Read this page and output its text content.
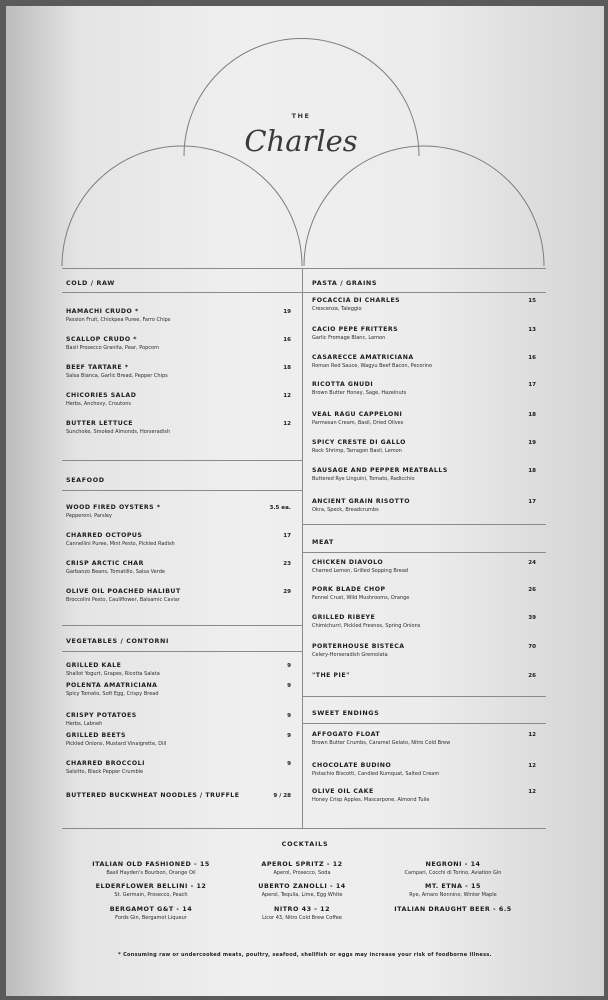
THE
Charles
COLD / RAW
HAMACHI CRUDO *
Passion Fruit, Chickpea Puree, Farro Chips
19
SCALLOP CRUDO *
Basil Prosecco Granita, Pear, Popcorn
16
BEEF TARTARE *
Salsa Bianca, Garlic Bread, Pepper Chips
18
CHICORIES SALAD
Herbs, Anchovy, Croutons
12
BUTTER LETTUCE
Sunchoke, Smoked Almonds, Horseradish
12
SEAFOOD
WOOD FIRED OYSTERS *
Pepperoni, Parsley
3.5 ea.
CHARRED OCTOPUS
Cannellini Puree, Mint Pesto, Pickled Radish
17
CRISP ARCTIC CHAR
Garbanzo Beans, Tomatillo, Salsa Verde
23
OLIVE OIL POACHED HALIBUT
Broccolini Pesto, Cauliflower, Balsamic Caviar
29
VEGETABLES / CONTORNI
GRILLED KALE
Shallot Yogurt, Grapes, Ricotta Salata
9
POLENTA AMATRICIANA
Spicy Tomato, Soft Egg, Crispy Bread
9
CRISPY POTATOES
Herbs, Labneh
9
GRILLED BEETS
Pickled Onions, Mustard Vinaigrette, Dill
9
CHARRED BROCCOLI
Salsitto, Black Pepper Crumble
9
BUTTERED BUCKWHEAT NOODLES / TRUFFLE	9 / 28
PASTA / GRAINS
FOCACCIA DI CHARLES
Crescenza, Taleggio
15
CACIO PEPE FRITTERS
Garlic Fromage Blanc, Lemon
13
CASARECCE AMATRICIANA
Roman Red Sauce, Wagyu Beef Bacon, Pecorino
16
RICOTTA GNUDI
Brown Butter Honey, Sage, Hazelnuts
17
VEAL RAGU CAPPELONI
Parmesan Cream, Basil, Dried Olives
18
SPICY CRESTE DI GALLO
Rock Shrimp, Tarragon Basil, Lemon
19
SAUSAGE AND PEPPER MEATBALLS
Buttered Rye Linguini, Tomato, Radicchio
18
ANCIENT GRAIN RISOTTO
Okra, Speck, Breadcrumbs
17
MEAT
CHICKEN DIAVOLO
Charred Lemon, Grilled Sopping Bread
24
PORK BLADE CHOP
Fennel Crust, Wild Mushrooms, Orange
26
GRILLED RIBEYE
Chimichurri, Pickled Fresnos, Spring Onions
39
PORTERHOUSE BISTECA
Celery-Horseradish Gremolata
70
"THE PIE"	26
SWEET ENDINGS
AFFOGATO FLOAT
Brown Butter Crumbs, Caramel Gelato, Nitro Cold Brew
12
CHOCOLATE BUDINO
Pistachio Biscotti, Candied Kumquat, Salted Cream
12
OLIVE OIL CAKE
Honey Crisp Apples, Mascarpone, Almond Tuile
12
COCKTAILS
ITALIAN OLD FASHIONED - 15
Basil Hayden's Bourbon, Orange Oil
ELDERFLOWER BELLINI - 12
St. Germain, Prosecco, Peach
BERGAMOT G&T - 14
Fords Gin, Bergamot Liqueur
APEROL SPRITZ - 12
Aperol, Prosecco, Soda
UBERTO ZANOLLI - 14
Aperol, Tequila, Lime, Egg White
NITRO 43 - 12
Licor 43, Nitro Cold Brew Coffee
NEGRONI - 14
Campari, Cocchi di Torino, Aviation Gin
MT. ETNA - 15
Rye, Amaro Nonnino, Winter Maple
ITALIAN DRAUGHT BEER - 6.5
* Consuming raw or undercooked meats, poultry, seafood, shellfish or eggs may increase your risk of foodborne illness.
